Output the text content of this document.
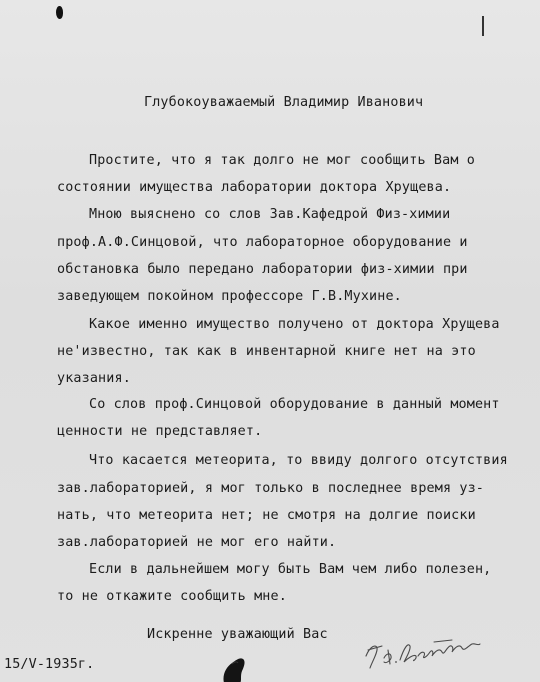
Глубокоуважаемый Владимир Иванович
Простите, что я так долго не мог сообщить Вам о
состоянии имущества лаборатории доктора Хрущева.
Мною выяснено со слов Зав.Кафедрой Физ-химии
проф.А.Ф.Синцовой, что лабораторное оборудование и
обстановка было передано лаборатории физ-химии при
заведующем покойном профессоре Г.В.Мухине.
Какое именно имущество получено от доктора Хрущева
не'известно, так как в инвентарной книге нет на это
указания.
Со слов проф.Синцовой оборудование в данный момент
ценности не представляет.
Что касается метеорита, то ввиду долгого отсутствия
зав.лабораторией, я мог только в последнее время уз-
нать, что метеорита нет; не смотря на долгие поиски
зав.лабораторией не мог его найти.
Если в дальнейшем могу быть Вам чем либо полезен,
то не откажите сообщить мне.
Искренне уважающий Вас
15/V-1935г.
